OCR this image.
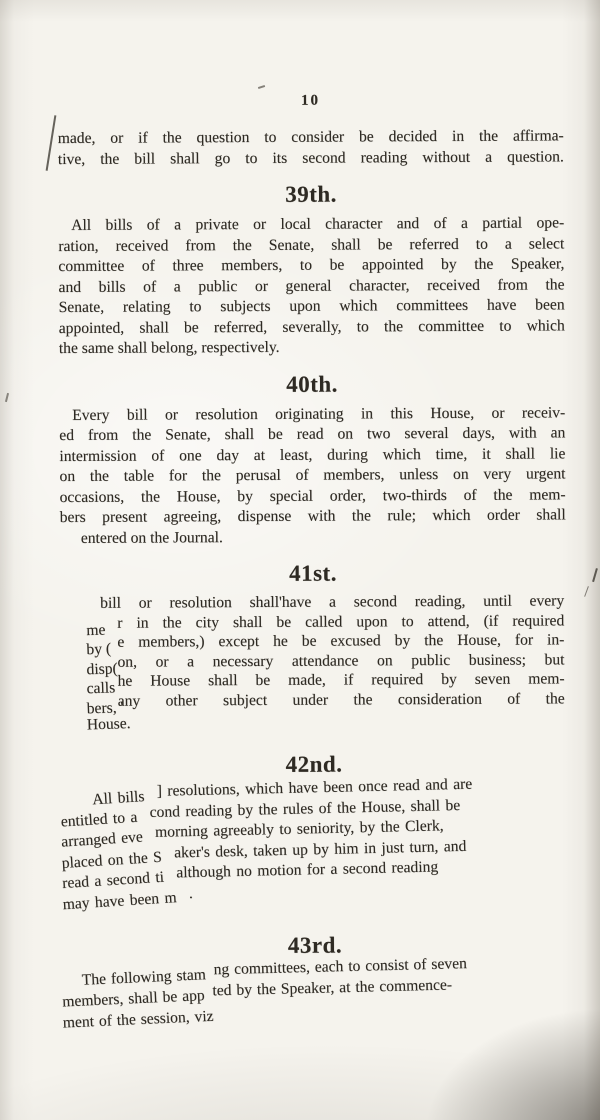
10

made, or if the question to consider be decided in the affirma-
tive, the bill shall go to its second reading without a question.

39th.

All bills of a private or local character and of a partial ope-
ration, received from the Senate, shall be referred to a select
committee of three members, to be appointed by the Speaker,
and bills of a public or general character, received from the
Senate, relating to subjects upon which committees have been
appointed, shall be referred, severally, to the committee to which
the same shall belong, respectively.

40th.

Every bill or resolution originating in this House, or receiv-
ed from the Senate, shall be read on two several days, with an
intermission of one day at least, during which time, it shall lie
on the table for the perusal of members, unless on very urgent
occasions, the House, by special order, two-thirds of the mem-
bers present agreeing, dispense with the rule; which order shall
entered on the Journal.

41st.
bill or resolution shall'have a second reading, until every
me r in the city shall be called upon to attend, (if required
by ( e members,) except he be excused by the House, for in-
disp( on, or a necessary attendance on public business; but
calls he House shall be made, if required by seven mem-
bers, '
any other subject under the consideration of the
House.
42nd.
All bills ] resolutions, which have been once read and are
entitled to a cond reading by the rules of the House, shall be
arranged eve morning agreeably to seniority, by the Clerk,
placed on the S aker's desk, taken up by him in just turn, and
read a second ti although no motion for a second reading
may have been m .
43rd.
The following stam ng committees, each to consist of seven
members, shall be app ted by the Speaker, at the commence-
ment of the session, viz
